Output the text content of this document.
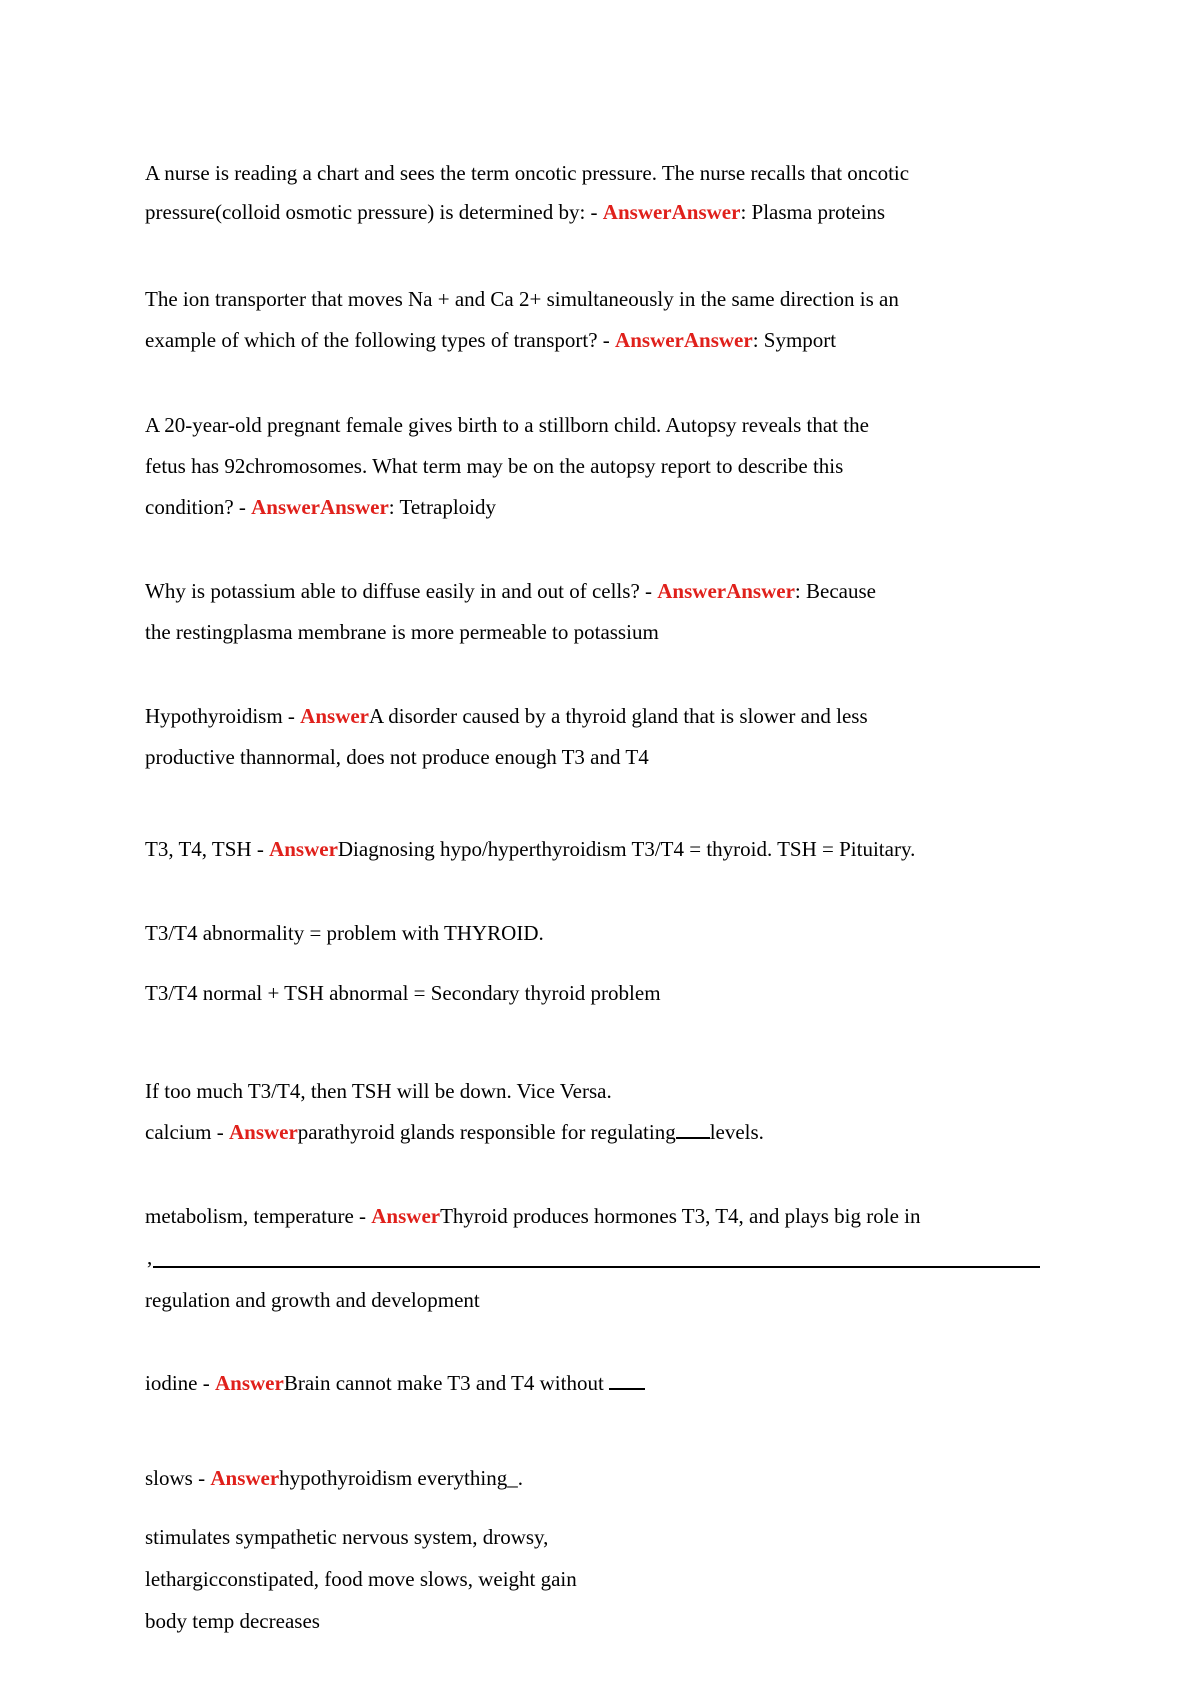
A nurse is reading a chart and sees the term oncotic pressure. The nurse recalls that oncotic
pressure(colloid osmotic pressure) is determined by: - AnswerAnswer: Plasma proteins
The ion transporter that moves Na + and Ca 2+ simultaneously in the same direction is an
example of which of the following types of transport? - AnswerAnswer: Symport
A 20-year-old pregnant female gives birth to a stillborn child. Autopsy reveals that the
fetus has 92chromosomes. What term may be on the autopsy report to describe this
condition? - AnswerAnswer: Tetraploidy
Why is potassium able to diffuse easily in and out of cells? - AnswerAnswer: Because
the restingplasma membrane is more permeable to potassium
Hypothyroidism - AnswerA disorder caused by a thyroid gland that is slower and less
productive thannormal, does not produce enough T3 and T4
T3, T4, TSH - AnswerDiagnosing hypo/hyperthyroidism T3/T4 = thyroid. TSH = Pituitary.
T3/T4 abnormality = problem with THYROID.
T3/T4 normal + TSH abnormal = Secondary thyroid problem
If too much T3/T4, then TSH will be down. Vice Versa.
calcium - Answerparathyroid glands responsible for regulating levels.
metabolism, temperature - AnswerThyroid produces hormones T3, T4, and plays big role in
,
regulation and growth and development
iodine - AnswerBrain cannot make T3 and T4 without
slows - Answerhypothyroidism everything_.
stimulates sympathetic nervous system, drowsy,
lethargicconstipated, food move slows, weight gain
body temp decreases
